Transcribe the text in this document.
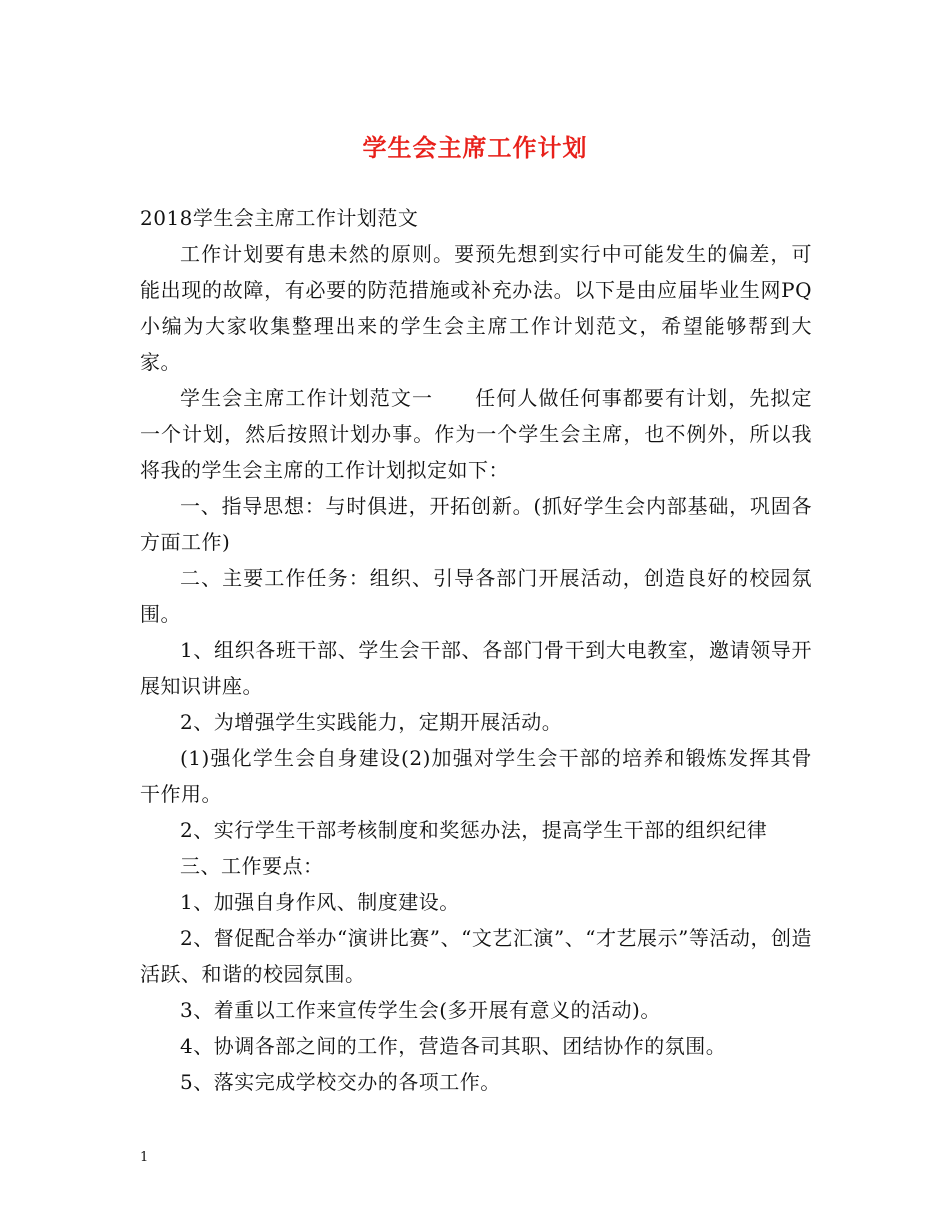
学生会主席工作计划

2018学生会主席工作计划范文

工作计划要有患未然的原则。要预先想到实行中可能发生的偏差，可能出现的故障，有必要的防范措施或补充办法。以下是由应届毕业生网PQ小编为大家收集整理出来的学生会主席工作计划范文，希望能够帮到大家。

学生会主席工作计划范文一　　任何人做任何事都要有计划，先拟定一个计划，然后按照计划办事。作为一个学生会主席，也不例外，所以我将我的学生会主席的工作计划拟定如下：

一、指导思想：与时俱进，开拓创新。(抓好学生会内部基础，巩固各方面工作)

二、主要工作任务：组织、引导各部门开展活动，创造良好的校园氛围。

1、组织各班干部、学生会干部、各部门骨干到大电教室，邀请领导开展知识讲座。

2、为增强学生实践能力，定期开展活动。

(1)强化学生会自身建设(2)加强对学生会干部的培养和锻炼发挥其骨干作用。

2、实行学生干部考核制度和奖惩办法，提高学生干部的组织纪律

三、工作要点：

1、加强自身作风、制度建设。

2、督促配合举办“演讲比赛”、“文艺汇演”、“才艺展示”等活动，创造活跃、和谐的校园氛围。

3、着重以工作来宣传学生会(多开展有意义的活动)。

4、协调各部之间的工作，营造各司其职、团结协作的氛围。

5、落实完成学校交办的各项工作。

1
